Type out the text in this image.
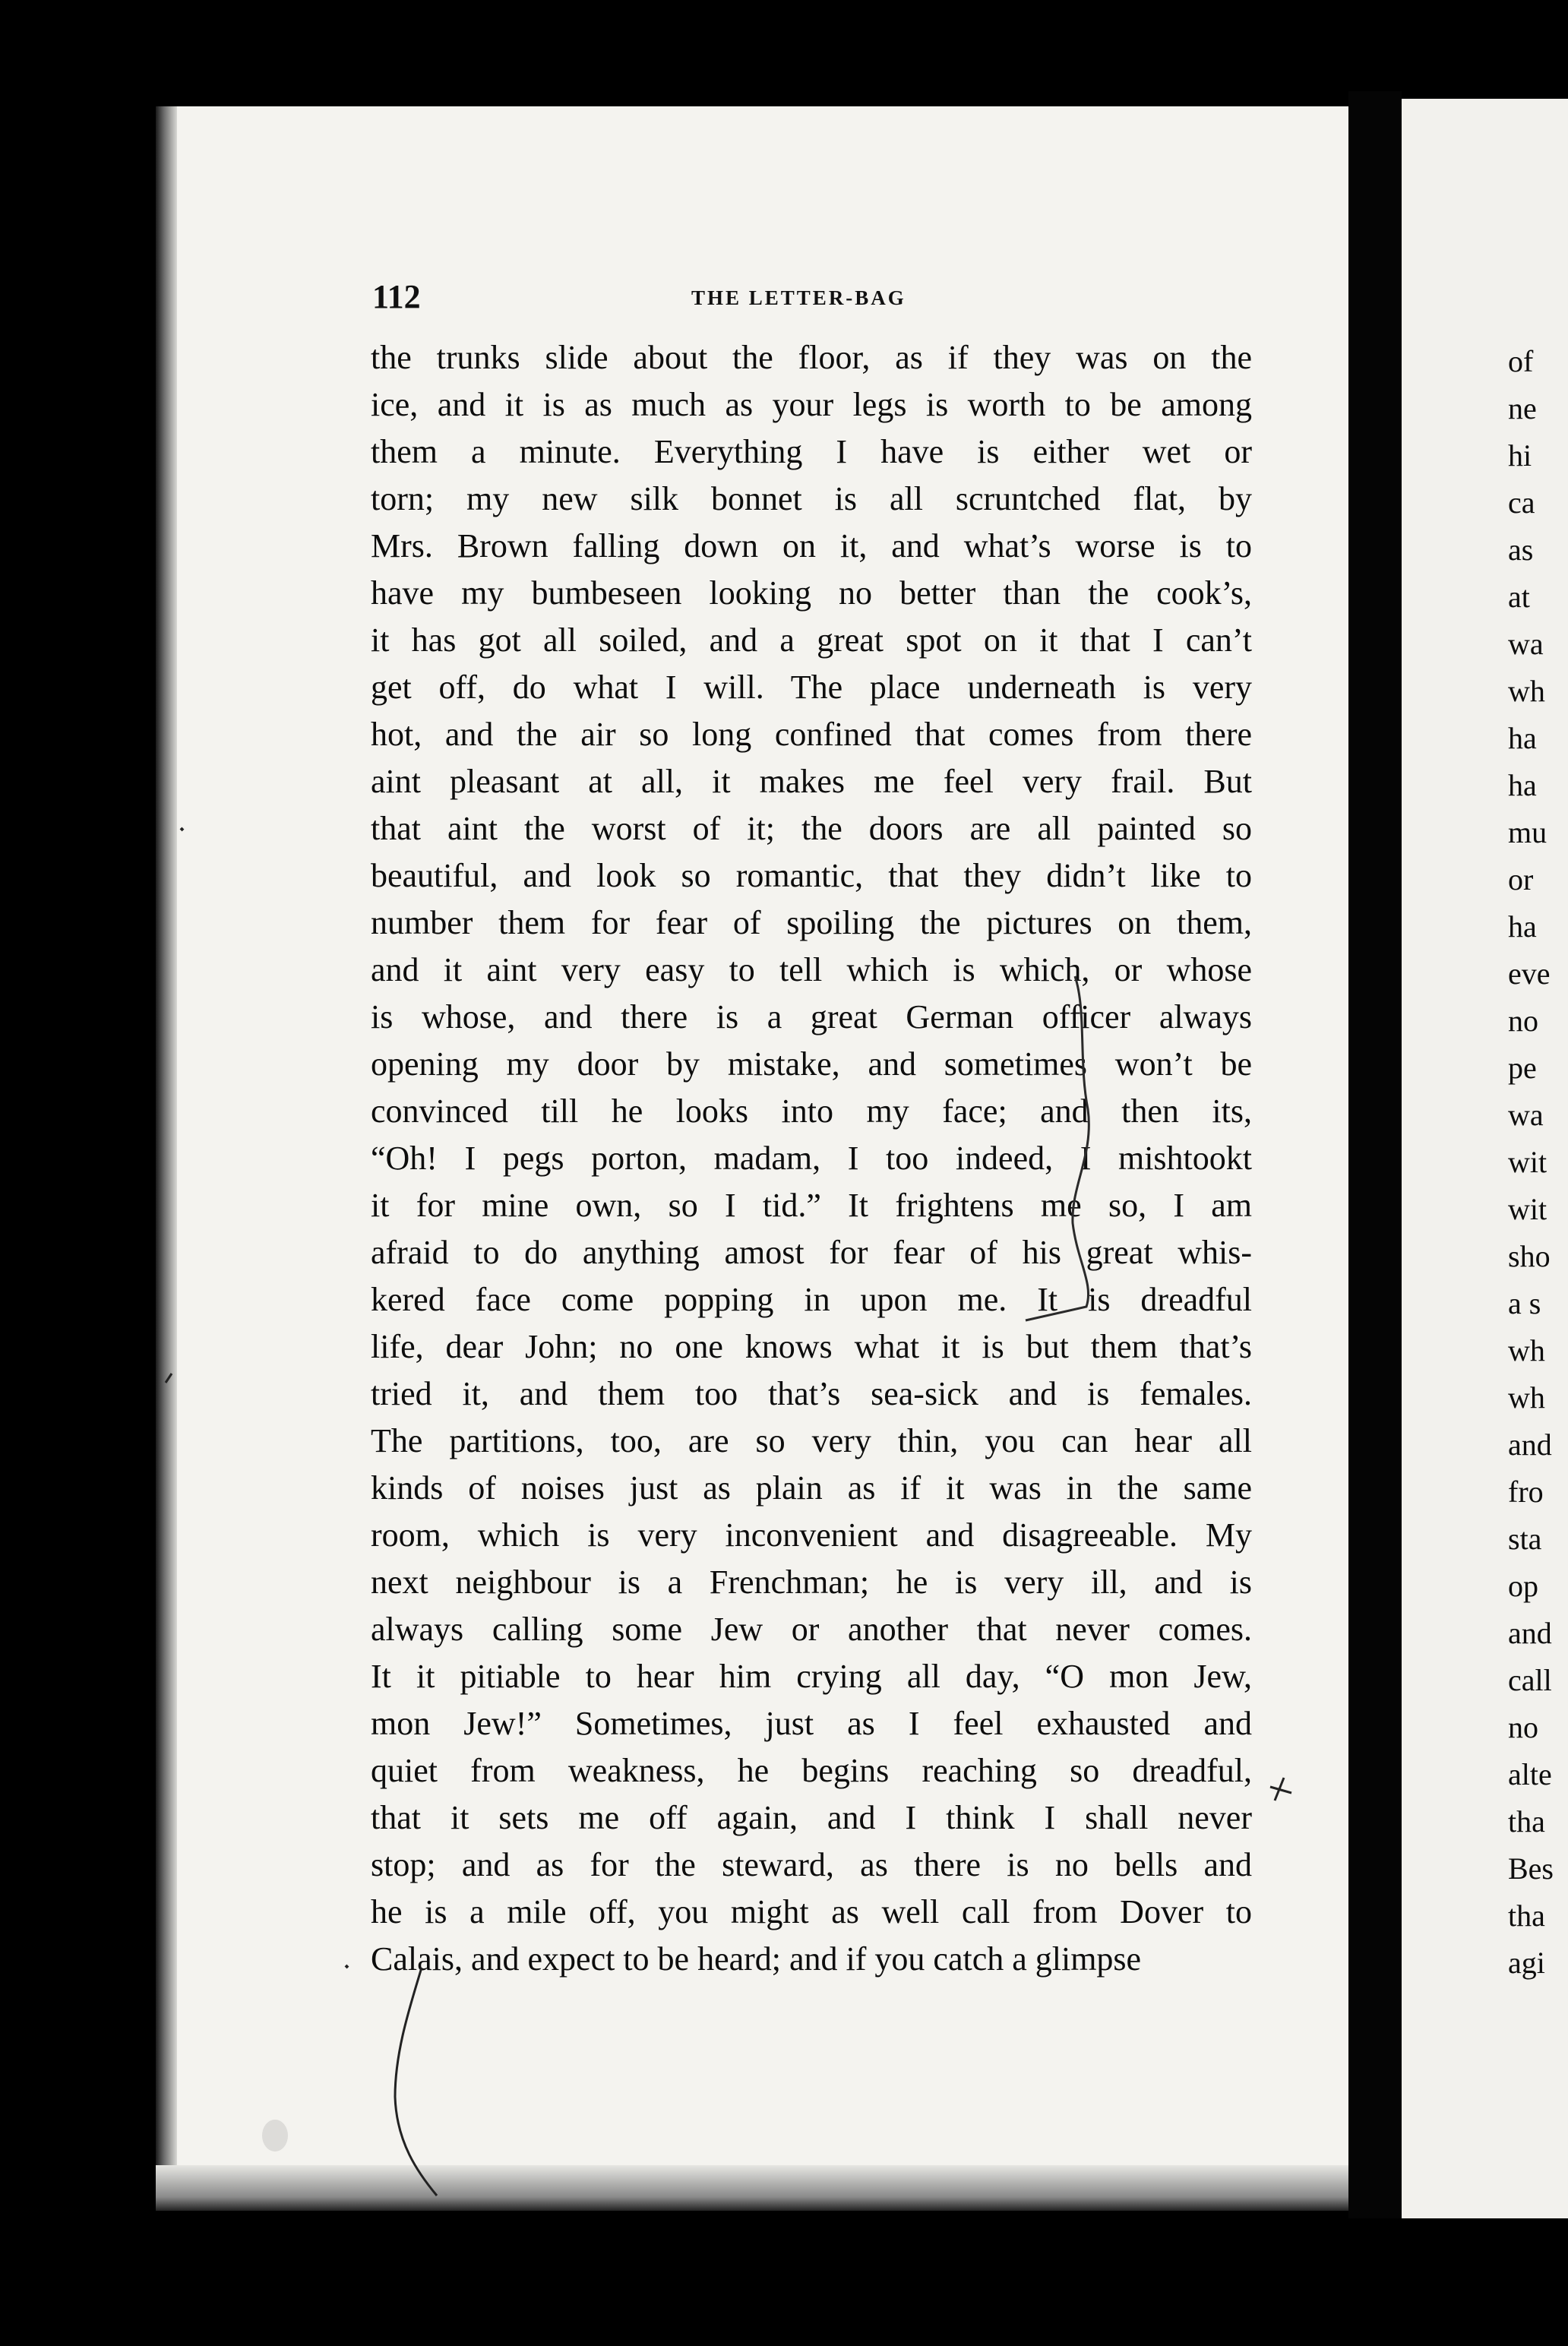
112	THE LETTER-BAG
the trunks slide about the floor, as if they was on the
ice, and it is as much as your legs is worth to be among
them a minute. Everything I have is either wet or
torn; my new silk bonnet is all scruntched flat, by
Mrs. Brown falling down on it, and what’s worse is to
have my bumbeseen looking no better than the cook’s,
it has got all soiled, and a great spot on it that I can’t
get off, do what I will. The place underneath is very
hot, and the air so long confined that comes from there
aint pleasant at all, it makes me feel very frail. But
that aint the worst of it; the doors are all painted so
beautiful, and look so romantic, that they didn’t like to
number them for fear of spoiling the pictures on them,
and it aint very easy to tell which is which, or whose
is whose, and there is a great German officer always
opening my door by mistake, and sometimes won’t be
convinced till he looks into my face; and then its,
“Oh! I pegs porton, madam, I too indeed, I mishtookt
it for mine own, so I tid.” It frightens me so, I am
afraid to do anything amost for fear of his great whis-
kered face come popping in upon me. It is dreadful
life, dear John; no one knows what it is but them that’s
tried it, and them too that’s sea-sick and is females.
The partitions, too, are so very thin, you can hear all
kinds of noises just as plain as if it was in the same
room, which is very inconvenient and disagreeable. My
next neighbour is a Frenchman; he is very ill, and is
always calling some Jew or another that never comes.
It it pitiable to hear him crying all day, “O mon Jew,
mon Jew!” Sometimes, just as I feel exhausted and
quiet from weakness, he begins reaching so dreadful,
that it sets me off again, and I think I shall never
stop; and as for the steward, as there is no bells and
he is a mile off, you might as well call from Dover to
Calais, and expect to be heard; and if you catch a glimpse
of
ne
hi
ca
as
at
wa
wh
ha
ha
mu
or
ha
eve
no
pe
wa
wit
wit
sho
a s
wh
wh
and
fro
sta
op
and
call
no
alte
tha
Bes
tha
agi
